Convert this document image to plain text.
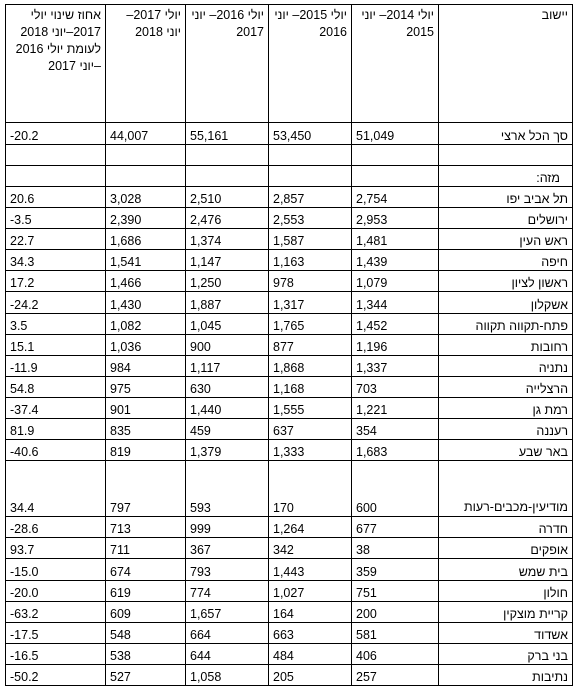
יישוב	יולי 2014– יוני 2015	יולי 2015– יוני 2016	יולי 2016– יוני 2017	יולי 2017– יוני 2018	אחוז שינוי יולי 2017–יוני 2018 לעומת יולי 2016 –יוני 2017
סך הכל ארצי	51,049	53,450	55,161	44,007	-20.2

מזה:					
תל אביב יפו	2,754	2,857	2,510	3,028	20.6
ירושלים	2,953	2,553	2,476	2,390	-3.5
ראש העין	1,481	1,587	1,374	1,686	22.7
חיפה	1,439	1,163	1,147	1,541	34.3
ראשון לציון	1,079	978	1,250	1,466	17.2
אשקלון	1,344	1,317	1,887	1,430	-24.2
פתח-תקווה תקווה	1,452	1,765	1,045	1,082	3.5
רחובות	1,196	877	900	1,036	15.1
נתניה	1,337	1,868	1,117	984	-11.9
הרצלייה	703	1,168	630	975	54.8
רמת גן	1,221	1,555	1,440	901	-37.4
רעננה	354	637	459	835	81.9
באר שבע	1,683	1,333	1,379	819	-40.6
מודיעין-מכבים-רעות	600	170	593	797	34.4
חדרה	677	1,264	999	713	-28.6
אופקים	38	342	367	711	93.7
בית שמש	359	1,443	793	674	-15.0
חולון	751	1,027	774	619	-20.0
קריית מוצקין	200	164	1,657	609	-63.2
אשדוד	581	663	664	548	-17.5
בני ברק	406	484	644	538	-16.5
נתיבות	257	205	1,058	527	-50.2
